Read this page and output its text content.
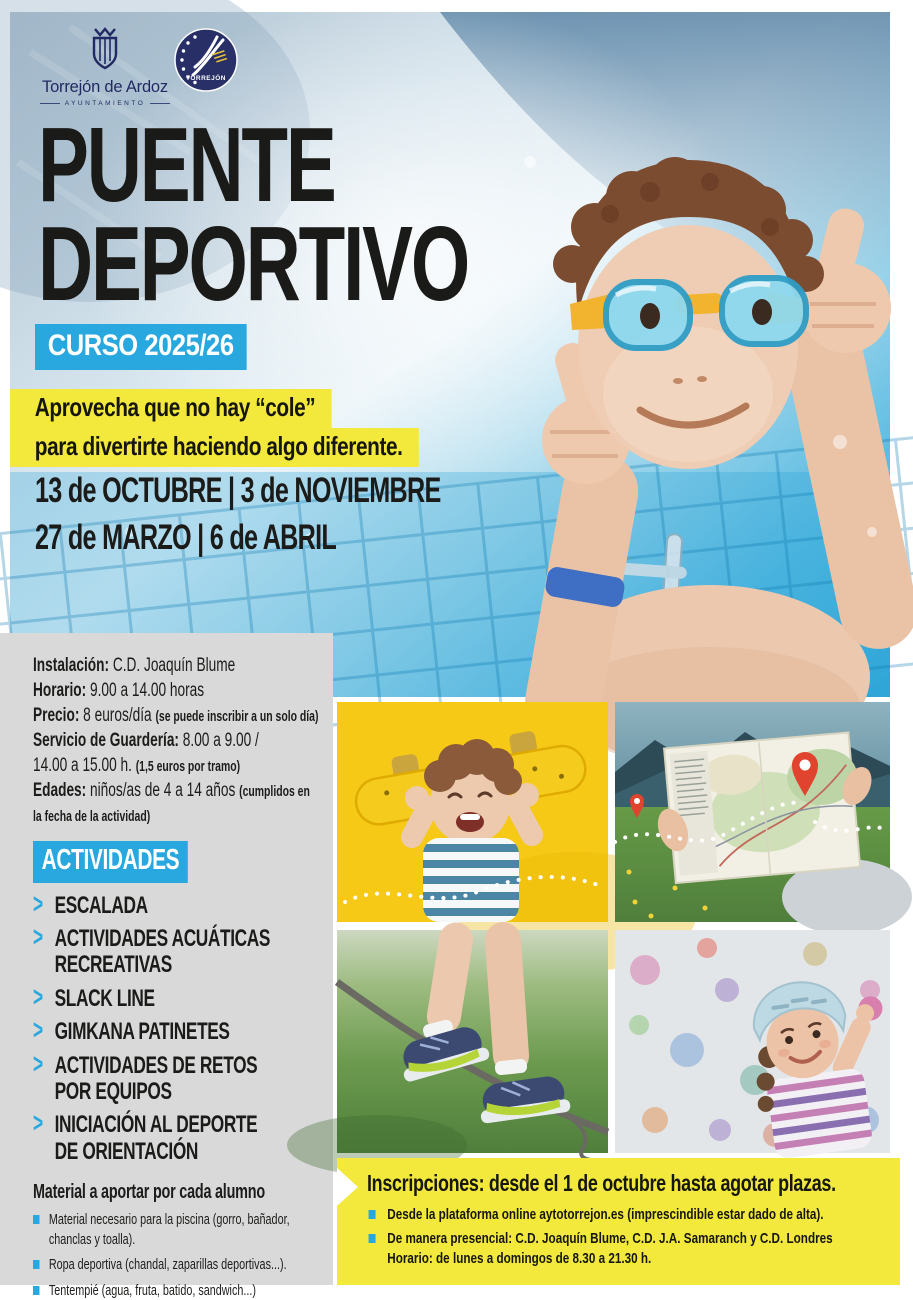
Torrejón de Ardoz
AYUNTAMIENTO
TORREJÓN
PUENTE
DEPORTIVO
CURSO 2025/26
Aprovecha que no hay “cole”
para divertirte haciendo algo diferente.
13 de OCTUBRE | 3 de NOVIEMBRE
27 de MARZO | 6 de ABRIL
Instalación: C.D. Joaquín Blume
Horario: 9.00 a 14.00 horas
Precio: 8 euros/día (se puede inscribir a un solo día)
Servicio de Guardería: 8.00 a 9.00 /
14.00 a 15.00 h. (1,5 euros por tramo)
Edades: niños/as de 4 a 14 años (cumplidos en
la fecha de la actividad)
ACTIVIDADES
> ESCALADA
> ACTIVIDADES ACUÁTICAS
RECREATIVAS
> SLACK LINE
> GIMKANA PATINETES
> ACTIVIDADES DE RETOS
POR EQUIPOS
> INICIACIÓN AL DEPORTE
DE ORIENTACIÓN
Material a aportar por cada alumno
Material necesario para la piscina (gorro, bañador,
chanclas y toalla).
Ropa deportiva (chandal, zaparillas deportivas...).
Tentempié (agua, fruta, batido, sandwich...)
Inscripciones: desde el 1 de octubre hasta agotar plazas.
Desde la plataforma online aytotorrejon.es (imprescindible estar dado de alta).
De manera presencial: C.D. Joaquín Blume, C.D. J.A. Samaranch y C.D. Londres
Horario: de lunes a domingos de 8.30 a 21.30 h.
